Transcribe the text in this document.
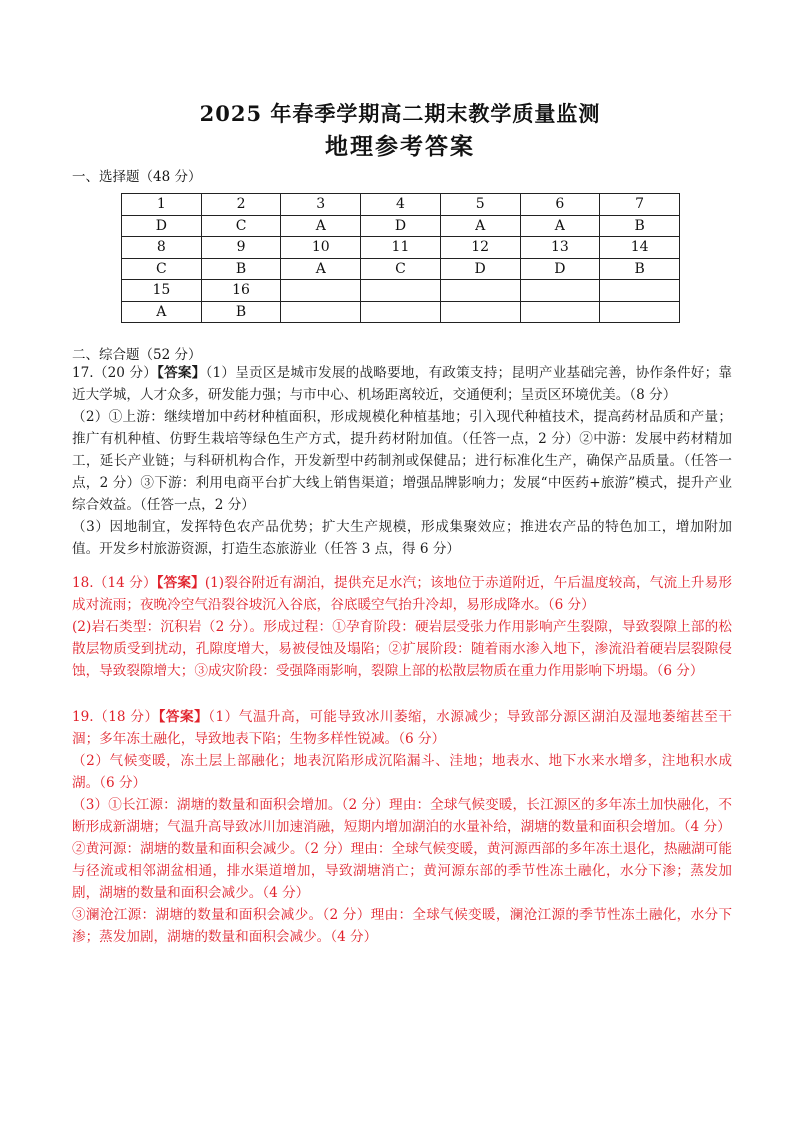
2025 年春季学期高二期末教学质量监测
地理参考答案
一、选择题（48 分）
1	2	3	4	5	6	7
D	C	A	D	A	A	B
8	9	10	11	12	13	14
C	B	A	C	D	D	B
15	16					
A	B					
二、综合题（52 分）

17.（20 分）【答案】（1）呈贡区是城市发展的战略要地，有政策支持；昆明产业基础完善，协作条件好；靠近大学城，人才众多，研发能力强；与市中心、机场距离较近，交通便利；呈贡区环境优美。（8 分）

（2）①上游：继续增加中药材种植面积，形成规模化种植基地；引入现代种植技术，提高药材品质和产量；推广有机种植、仿野生栽培等绿色生产方式，提升药材附加值。（任答一点，2 分）②中游：发展中药材精加工，延长产业链；与科研机构合作，开发新型中药制剂或保健品；进行标准化生产，确保产品质量。（任答一点，2 分）③下游：利用电商平台扩大线上销售渠道；增强品牌影响力；发展“中医药+旅游”模式，提升产业综合效益。（任答一点，2 分）

（3）因地制宜，发挥特色农产品优势；扩大生产规模，形成集聚效应；推进农产品的特色加工，增加附加值。开发乡村旅游资源，打造生态旅游业（任答 3 点，得 6 分）

18.（14 分）【答案】(1)裂谷附近有湖泊，提供充足水汽；该地位于赤道附近，午后温度较高，气流上升易形成对流雨；夜晚冷空气沿裂谷坡沉入谷底，谷底暖空气抬升冷却，易形成降水。（6 分）

(2)岩石类型：沉积岩（2 分）。形成过程：①孕育阶段：硬岩层受张力作用影响产生裂隙，导致裂隙上部的松散层物质受到扰动，孔隙度增大，易被侵蚀及塌陷；②扩展阶段：随着雨水渗入地下，渗流沿着硬岩层裂隙侵蚀，导致裂隙增大；③成灾阶段：受强降雨影响，裂隙上部的松散层物质在重力作用影响下坍塌。（6 分）

19.（18 分）【答案】（1）气温升高，可能导致冰川萎缩，水源减少；导致部分源区湖泊及湿地萎缩甚至干涸；多年冻土融化，导致地表下陷；生物多样性锐减。（6 分）

（2）气候变暖，冻土层上部融化；地表沉陷形成沉陷漏斗、洼地；地表水、地下水来水增多，注地积水成湖。（6 分）

（3）①长江源：湖塘的数量和面积会增加。（2 分）理由：全球气候变暖，长江源区的多年冻土加快融化，不断形成新湖塘；气温升高导致冰川加速消融，短期内增加湖泊的水量补给，湖塘的数量和面积会增加。（4 分）

②黄河源：湖塘的数量和面积会减少。（2 分）理由：全球气候变暖，黄河源西部的多年冻土退化，热融湖可能与径流或相邻湖盆相通，排水渠道增加，导致湖塘消亡；黄河源东部的季节性冻土融化，水分下渗；蒸发加剧，湖塘的数量和面积会减少。（4 分）

③澜沧江源：湖塘的数量和面积会减少。（2 分）理由：全球气候变暖，澜沧江源的季节性冻土融化，水分下渗；蒸发加剧，湖塘的数量和面积会减少。（4 分）
